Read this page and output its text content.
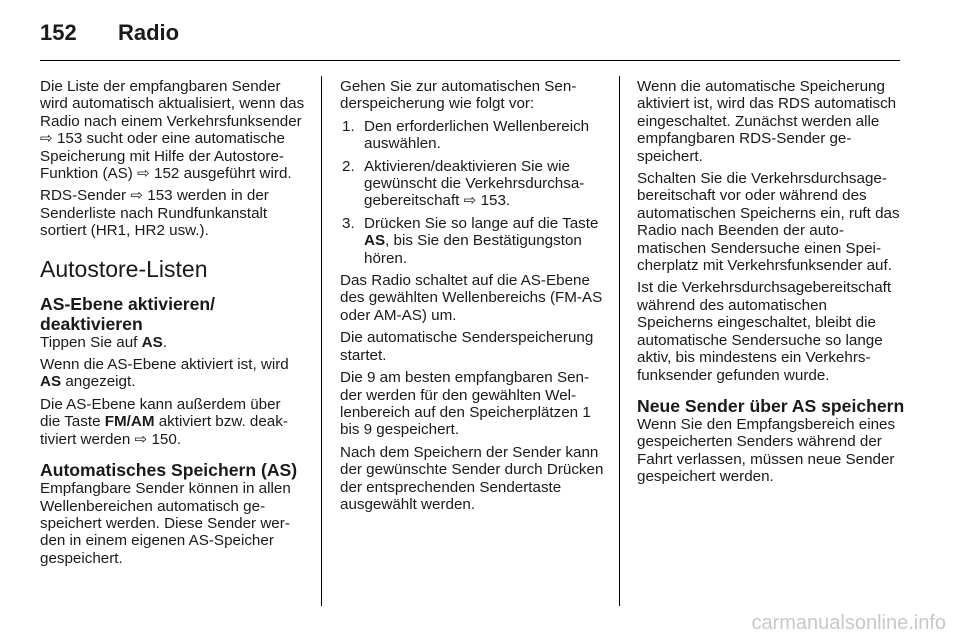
152 Radio

Die Liste der empfangbaren Sender wird automatisch aktualisiert, wenn das Radio nach einem Verkehrsfunksender ⇨ 153 sucht oder eine automatische Speicherung mit Hilfe der Autostore-Funktion (AS) ⇨ 152 ausgeführt wird.

RDS-Sender ⇨ 153 werden in der Senderliste nach Rundfunkanstalt sortiert (HR1, HR2 usw.).

Autostore-Listen
AS-Ebene aktivieren/ deaktivieren

Tippen Sie auf AS.

Wenn die AS-Ebene aktiviert ist, wird AS angezeigt.

Die AS-Ebene kann außerdem über die Taste FM/AM aktiviert bzw. deaktiviert werden ⇨ 150.

Automatisches Speichern (AS)

Empfangbare Sender können in allen Wellenbereichen automatisch gespeichert werden. Diese Sender werden in einem eigenen AS-Speicher gespeichert.

Gehen Sie zur automatischen Senderspeicherung wie folgt vor:

1. Den erforderlichen Wellenbereich auswählen.
2. Aktivieren/deaktivieren Sie wie gewünscht die Verkehrsdurchsagebereitschaft ⇨ 153.
3. Drücken Sie so lange auf die Taste AS, bis Sie den Bestätigungston hören.

Das Radio schaltet auf die AS-Ebene des gewählten Wellenbereichs (FM-AS oder AM-AS) um.

Die automatische Senderspeicherung startet.

Die 9 am besten empfangbaren Sender werden für den gewählten Wellenbereich auf den Speicherplätzen 1 bis 9 gespeichert.

Nach dem Speichern der Sender kann der gewünschte Sender durch Drücken der entsprechenden Sendertaste ausgewählt werden.

Wenn die automatische Speicherung aktiviert ist, wird das RDS automatisch eingeschaltet. Zunächst werden alle empfangbaren RDS-Sender gespeichert.

Schalten Sie die Verkehrsdurchsagebereitschaft vor oder während des automatischen Speicherns ein, ruft das Radio nach Beenden der automatischen Sendersuche einen Speicherplatz mit Verkehrsfunksender auf.

Ist die Verkehrsdurchsagebereitschaft während des automatischen Speicherns eingeschaltet, bleibt die automatische Sendersuche so lange aktiv, bis mindestens ein Verkehrsfunksender gefunden wurde.

Neue Sender über AS speichern

Wenn Sie den Empfangsbereich eines gespeicherten Senders während der Fahrt verlassen, müssen neue Sender gespeichert werden.

carmanualsonline.info
